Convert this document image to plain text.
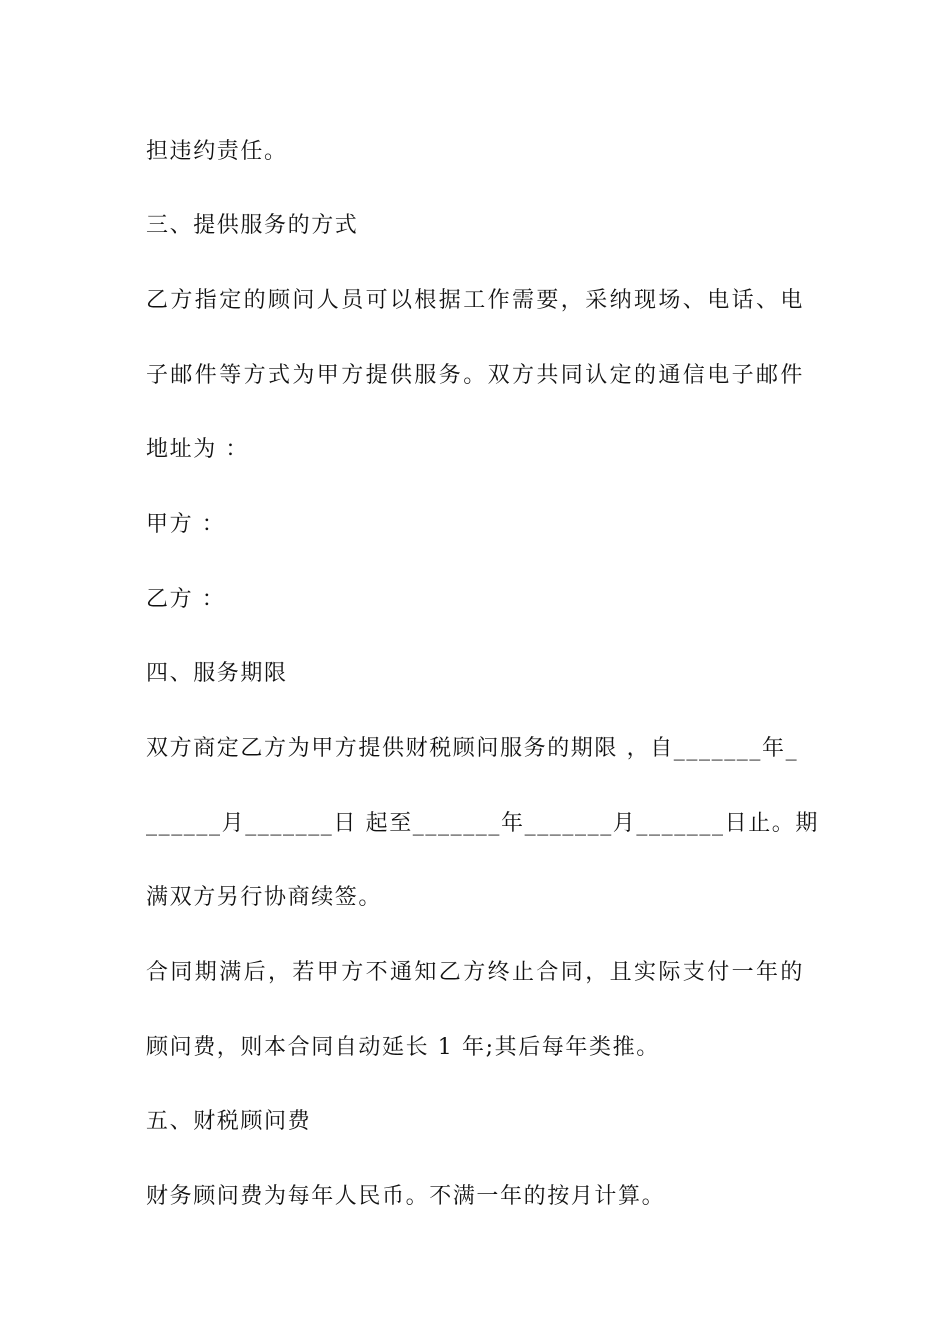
担违约责任。
三、提供服务的方式
乙方指定的顾问人员可以根据工作需要，采纳现场、电话、电
子邮件等方式为甲方提供服务。双方共同认定的通信电子邮件
地址为 ：
甲方 ：
乙方 ：
四、服务期限
双方商定乙方为甲方提供财税顾问服务的期限 ，自_______年_
______月_______日 起至_______年_______月_______日止。期
满双方另行协商续签。
合同期满后，若甲方不通知乙方终止合同，且实际支付一年的
顾问费，则本合同自动延长 1 年;其后每年类推。
五、财税顾问费
财务顾问费为每年人民币。不满一年的按月计算。
